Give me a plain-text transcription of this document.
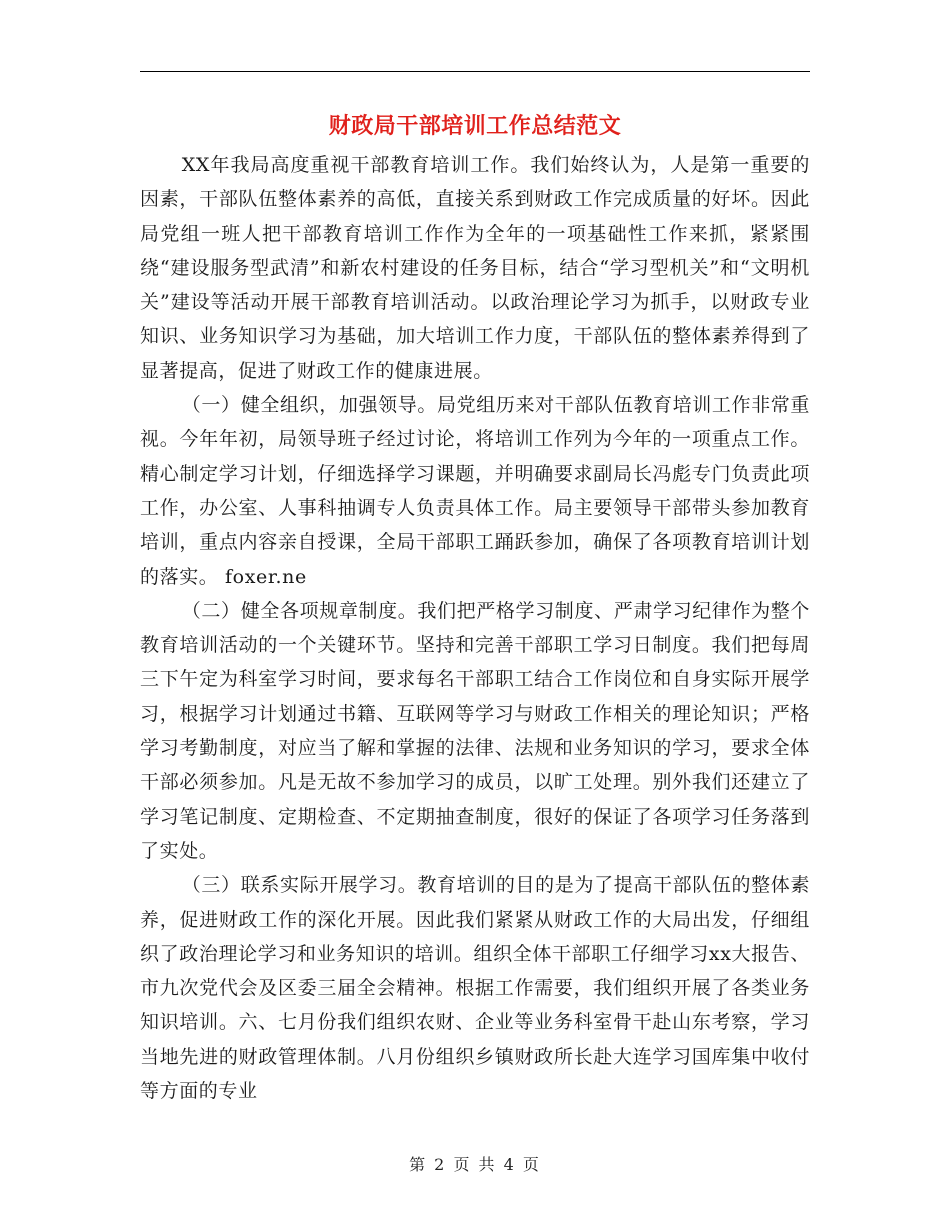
财政局干部培训工作总结范文

XX年我局高度重视干部教育培训工作。我们始终认为，人是第一重要的因素，干部队伍整体素养的高低，直接关系到财政工作完成质量的好坏。因此局党组一班人把干部教育培训工作作为全年的一项基础性工作来抓，紧紧围绕“建设服务型武清”和新农村建设的任务目标，结合“学习型机关”和“文明机关”建设等活动开展干部教育培训活动。以政治理论学习为抓手，以财政专业知识、业务知识学习为基础，加大培训工作力度，干部队伍的整体素养得到了显著提高，促进了财政工作的健康进展。

（一）健全组织，加强领导。局党组历来对干部队伍教育培训工作非常重视。今年年初，局领导班子经过讨论，将培训工作列为今年的一项重点工作。精心制定学习计划，仔细选择学习课题，并明确要求副局长冯彪专门负责此项工作，办公室、人事科抽调专人负责具体工作。局主要领导干部带头参加教育培训，重点内容亲自授课，全局干部职工踊跃参加，确保了各项教育培训计划的落实。 foxer.ne

（二）健全各项规章制度。我们把严格学习制度、严肃学习纪律作为整个教育培训活动的一个关键环节。坚持和完善干部职工学习日制度。我们把每周三下午定为科室学习时间，要求每名干部职工结合工作岗位和自身实际开展学习，根据学习计划通过书籍、互联网等学习与财政工作相关的理论知识；严格学习考勤制度，对应当了解和掌握的法律、法规和业务知识的学习，要求全体干部必须参加。凡是无故不参加学习的成员，以旷工处理。别外我们还建立了学习笔记制度、定期检查、不定期抽查制度，很好的保证了各项学习任务落到了实处。

（三）联系实际开展学习。教育培训的目的是为了提高干部队伍的整体素养，促进财政工作的深化开展。因此我们紧紧从财政工作的大局出发，仔细组织了政治理论学习和业务知识的培训。组织全体干部职工仔细学习xx大报告、市九次党代会及区委三届全会精神。根据工作需要，我们组织开展了各类业务知识培训。六、七月份我们组织农财、企业等业务科室骨干赴山东考察，学习当地先进的财政管理体制。八月份组织乡镇财政所长赴大连学习国库集中收付等方面的专业

第 2 页 共 4 页
